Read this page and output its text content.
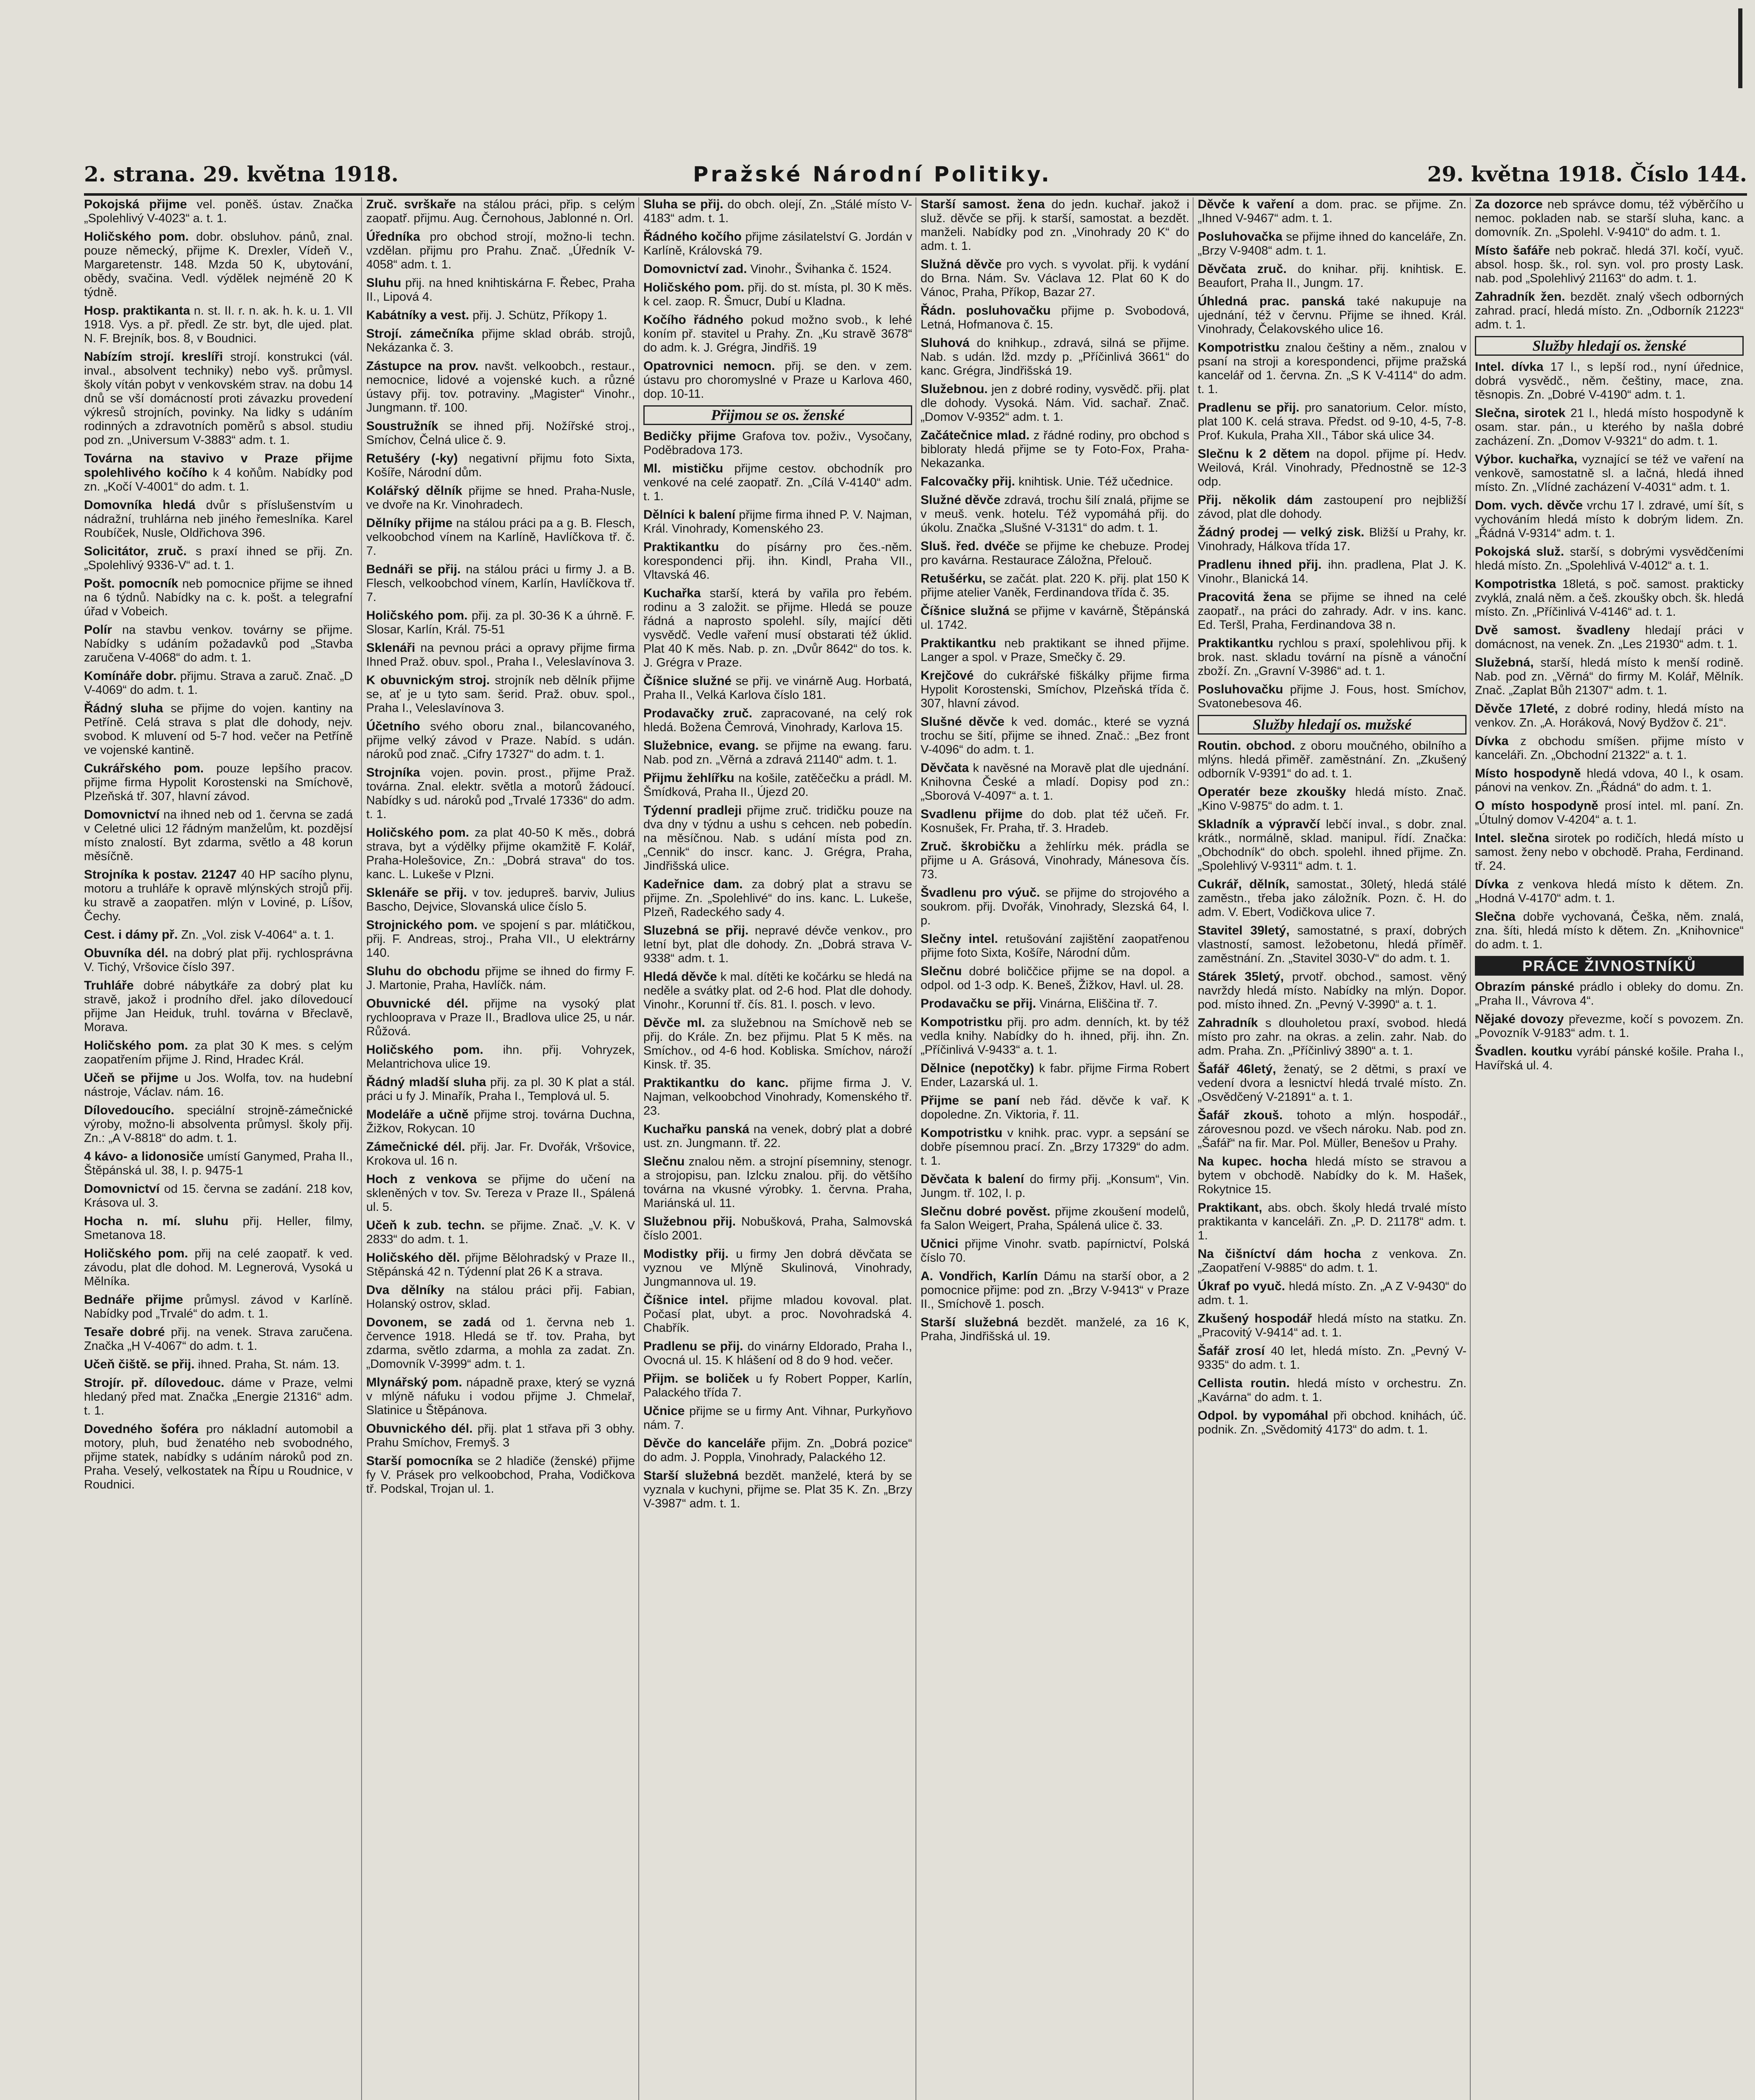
2. strana. 29. května 1918.	Pražské Národní Politiky.	29. května 1918. Číslo 144.

Pokojská přijme vel. poněš. ústav. Značka „Spolehlivý V-4023“ a. t. 1.

Holičského pom. dobr. obsluhov. pánů, znal. pouze německý, přijme K. Drexler, Vídeň V., Margaretenstr. 148. Mzda 50 K, ubytování, obědy, svačina. Vedl. výdělek nejméně 20 K týdně.

Hosp. praktikanta n. st. II. r. n. ak. h. k. u. 1. VII 1918. Vys. a př. předl. Ze str. byt, dle ujed. plat. N. F. Brejník, bos. 8, v Boudnici.

Nabízím strojí. kreslíři strojí. konstrukci (vál. inval., absolvent techniky) nebo vyš. průmysl. školy vítán pobyt v venkovském strav. na dobu 14 dnů se vší domácností proti závazku provedení výkresů strojních, povinky. Na lidky s udáním rodinných a zdravotních poměrů s absol. studiu pod zn. „Universum V-3883“ adm. t. 1.

Továrna na stavivo v Praze přijme spolehlivého kočího k 4 koňům. Nabídky pod zn. „Kočí V-4001“ do adm. t. 1.

Domovníka hledá dvůr s příslušenstvím u nádražní, truhlárna neb jiného řemeslníka. Karel Roubíček, Nusle, Oldřichova 396.

Solicitátor, zruč. s praxí ihned se přij. Zn. „Spolehlivý 9336-V“ ad. t. 1.

Pošt. pomocník neb pomocnice přijme se ihned na 6 týdnů. Nabídky na c. k. pošt. a telegrafní úřad v Vobeich.

Polír na stavbu venkov. továrny se přijme. Nabídky s udáním požadavků pod „Stavba zaručena V-4068“ do adm. t. 1.

Komínáře dobr. přijmu. Strava a zaruč. Znač. „D V-4069“ do adm. t. 1.

Řádný sluha se přijme do vojen. kantiny na Petříně. Celá strava s plat dle dohody, nejv. svobod. K mluvení od 5-7 hod. večer na Petříně ve vojenské kantině.

Cukrářského pom. pouze lepšího pracov. přijme firma Hypolit Korostenski na Smíchově, Plzeňská tř. 307, hlavní závod.

Domovnictví na ihned neb od 1. června se zadá v Celetné ulici 12 řádným manželům, kt. pozdějsí místo znalostí. Byt zdarma, světlo a 48 korun měsíčně.

Strojníka k postav. 21247 40 HP sacího plynu, motoru a truhláře k opravě mlýnských strojů přij. ku stravě a zaopatřen. mlýn v Loviné, p. Líšov, Čechy.

Cest. i dámy př. Zn. „Vol. zisk V-4064“ a. t. 1.

Obuvníka dél. na dobrý plat přij. rychlosprávna V. Tichý, Vršovice číslo 397.

Truhláře dobré nábytkáře za dobrý plat ku stravě, jakož i prodního dřel. jako dílovedoucí přijme Jan Heiduk, truhl. továrna v Břeclavě, Morava.

Holičského pom. za plat 30 K mes. s celým zaopatřením přijme J. Rind, Hradec Král.

Učeň se přijme u Jos. Wolfa, tov. na hudební nástroje, Václav. nám. 16.

Dílovedoucího. speciální strojně-zámečnické výroby, možno-li absolventa průmysl. školy přij. Zn.: „A V-8818“ do adm. t. 1.

4 kávo- a lidonosiče umístí Ganymed, Praha II., Štěpánská ul. 38, I. p. 9475-1

Domovnictví od 15. června se zadání. 218 kov, Krásova ul. 3.

Hocha n. mí. sluhu přij. Heller, filmy, Smetanova 18.

Holičského pom. přij na celé zaopatř. k ved. závodu, plat dle dohod. M. Legnerová, Vysoká u Mělníka.

Bednáře přijme průmysl. závod v Karlíně. Nabídky pod „Trvalé“ do adm. t. 1.

Tesaře dobré přij. na venek. Strava zaručena. Značka „H V-4067“ do adm. t. 1.

Učeň čiště. se přij. ihned. Praha, St. nám. 13.

Strojír. př. dílovedouc. dáme v Praze, velmi hledaný před mat. Značka „Energie 21316“ adm. t. 1.

Dovedného šoféra pro nákladní automobil a motory, pluh, bud ženatého neb svobodného, přijme statek, nabídky s udáním nároků pod zn. Praha. Veselý, velkostatek na Řípu u Roudnice, v Roudnici.

Zruč. svrškaře na stálou práci, přip. s celým zaopatř. přijmu. Aug. Černohous, Jablonné n. Orl.

Úředníka pro obchod strojí, možno-li techn. vzdělan. přijmu pro Prahu. Znač. „Úředník V-4058“ adm. t. 1.

Sluhu přij. na hned knihtiskárna F. Řebec, Praha II., Lipová 4.

Kabátníky a vest. přij. J. Schütz, Příkopy 1.

Strojí. zámečníka přijme sklad obráb. strojů, Nekázanka č. 3.

Zástupce na prov. navšt. velkoobch., restaur., nemocnice, lidové a vojenské kuch. a různé ústavy přij. tov. potraviny. „Magister“ Vinohr., Jungmann. tř. 100.

Soustružník se ihned přij. Nožířské stroj., Smíchov, Čelná ulice č. 9.

Retušéry (-ky) negativní přijmu foto Sixta, Košíře, Národní dům.

Kolářský dělník přijme se hned. Praha-Nusle, ve dvoře na Kr. Vinohradech.

Dělníky přijme na stálou práci pa a g. B. Flesch, velkoobchod vínem na Karlíně, Havlíčkova tř. č. 7.

Bednáři se přij. na stálou práci u firmy J. a B. Flesch, velkoobchod vínem, Karlín, Havlíčkova tř. 7.

Holičského pom. přij. za pl. 30-36 K a úhrně. F. Slosar, Karlín, Král. 75-51

Sklenáři na pevnou práci a opravy přijme firma Ihned Praž. obuv. spol., Praha I., Veleslavínova 3.

K obuvnickým stroj. strojník neb dělník přijme se, ať je u tyto sam. šerid. Praž. obuv. spol., Praha I., Veleslavínova 3.

Účetního svého oboru znal., bilancovaného, přijme velký závod v Praze. Nabíd. s udán. nároků pod znač. „Cifry 17327“ do adm. t. 1.

Strojníka vojen. povin. prost., přijme Praž. továrna. Znal. elektr. světla a motorů žádoucí. Nabídky s ud. nároků pod „Trvalé 17336“ do adm. t. 1.

Holičského pom. za plat 40-50 K měs., dobrá strava, byt a výdělky přijme okamžitě F. Kolář, Praha-Holešovice, Zn.: „Dobrá strava“ do tos. kanc. L. Lukeše v Plzni.

Sklenáře se přij. v tov. jedupreš. barviv, Julius Bascho, Dejvice, Slovanská ulice číslo 5.

Strojnického pom. ve spojení s par. mlátičkou, přij. F. Andreas, stroj., Praha VII., U elektrárny 140.

Sluhu do obchodu přijme se ihned do firmy F. J. Martonie, Praha, Havlíčk. nám.

Obuvnické dél. přijme na vysoký plat rychlooprava v Praze II., Bradlova ulice 25, u nár. Růžová.

Holičského pom. ihn. přij. Vohryzek, Melantrichova ulice 19.

Řádný mladší sluha přij. za pl. 30 K plat a stál. práci u fy J. Minařík, Praha I., Templová ul. 5.

Modeláře a učně přijme stroj. továrna Duchna, Žižkov, Rokycan. 10

Zámečnické dél. přij. Jar. Fr. Dvořák, Vršovice, Krokova ul. 16 n.

Hoch z venkova se přijme do učení na skleněných v tov. Sv. Tereza v Praze II., Spálená ul. 5.

Učeň k zub. techn. se přijme. Znač. „V. K. V 2833“ do adm. t. 1.

Holičského děl. přijme Bělohradský v Praze II., Stěpánská 42 n. Týdenní plat 26 K a strava.

Dva dělníky na stálou práci přij. Fabian, Holanský ostrov, sklad.

Dovonem, se zadá od 1. června neb 1. července 1918. Hledá se tř. tov. Praha, byt zdarma, světlo zdarma, a mohla za zadat. Zn. „Domovník V-3999“ adm. t. 1.

Mlynářský pom. nápadně praxe, který se vyzná v mlýně náfuku i vodou přijme J. Chmelař, Slatinice u Štěpánova.

Obuvnického dél. přij. plat 1 střava při 3 obhy. Prahu Smíchov, Fremyš. 3

Starší pomocníka se 2 hladiče (ženské) přijme fy V. Prásek pro velkoobchod, Praha, Vodičkova tř. Podskal, Trojan ul. 1.

Sluha se přij. do obch. olejí, Zn. „Stálé místo V-4183“ adm. t. 1.

Řádného kočího přijme zásilatelství G. Jordán v Karlíně, Královská 79.

Domovnictví zad. Vinohr., Švihanka č. 1524.

Holičského pom. přij. do st. místa, pl. 30 K měs. k cel. zaop. R. Šmucr, Dubí u Kladna.

Kočího řádného pokud možno svob., k lehé koním př. stavitel u Prahy. Zn. „Ku stravě 3678“ do adm. k. J. Grégra, Jindřiš. 19

Opatrovnici nemocn. přij. se den. v zem. ústavu pro choromyslné v Praze u Karlova 460, dop. 10-11.

Přijmou se os. ženské

Bedičky přijme Grafova tov. poživ., Vysočany, Poděbradova 173.

Ml. mističku přijme cestov. obchodník pro venkové na celé zaopatř. Zn. „Cílá V-4140“ adm. t. 1.

Dělníci k balení přijme firma ihned P. V. Najman, Král. Vinohrady, Komenského 23.

Praktikantku do písárny pro čes.-něm. korespondenci přij. ihn. Kindl, Praha VII., Vltavská 46.

Kuchařka starší, která by vařila pro řebém. rodinu a 3 založit. se přijme. Hledá se pouze řádná a naprosto spolehl. síly, mající děti vysvědč. Vedle vaření musí obstarati též úklid. Plat 40 K měs. Nab. p. zn. „Dvůr 8642“ do tos. k. J. Grégra v Praze.

Číšnice služné se přij. ve vinárně Aug. Horbatá, Praha II., Velká Karlova číslo 181.

Prodavačky zruč. zapracované, na celý rok hledá. Božena Čemrová, Vinohrady, Karlova 15.

Služebnice, evang. se přijme na ewang. faru. Nab. pod zn. „Věrná a zdravá 21140“ adm. t. 1.

Přijmu žehlířku na košile, zatěčečku a prádl. M. Šmídková, Praha II., Újezd 20.

Týdenní pradleji přijme zruč. tridičku pouze na dva dny v týdnu a ushu s cehcen. neb pobedín. na měsíčnou. Nab. s udání místa pod zn. „Cennik“ do inscr. kanc. J. Grégra, Praha, Jindřišská ulice.

Kadeřnice dam. za dobrý plat a stravu se přijme. Zn. „Spolehlivé“ do ins. kanc. L. Lukeše, Plzeň, Radeckého sady 4.

Sluzebná se přij. nepravé dévče venkov., pro letní byt, plat dle dohody. Zn. „Dobrá strava V-9338“ adm. t. 1.

Hledá děvče k mal. dítěti ke kočárku se hledá na neděle a svátky plat. od 2-6 hod. Plat dle dohody. Vinohr., Korunní tř. čís. 81. I. posch. v levo.

Děvče ml. za služebnou na Smíchově neb se přij. do Krále. Zn. bez přijmu. Plat 5 K měs. na Smíchov., od 4-6 hod. Kobliska. Smíchov, nároží Kinsk. tř. 35.

Praktikantku do kanc. přijme firma J. V. Najman, velkoobchod Vinohrady, Komenského tř. 23.

Kuchařku panská na venek, dobrý plat a dobré ust. zn. Jungmann. tř. 22.

Slečnu znalou něm. a strojní písemniny, stenogr. a strojopisu, pan. Izlcku znalou. přij. do většího továrna na vkusné výrobky. 1. června. Praha, Mariánská ul. 11.

Služebnou přij. Nobušková, Praha, Salmovská číslo 2001.

Modistky přij. u firmy Jen dobrá děvčata se vyznou ve Mlýně Skulinová, Vinohrady, Jungmannova ul. 19.

Číšnice intel. přijme mladou kovoval. plat. Počasí plat, ubyt. a proc. Novohradská 4. Chabřík.

Pradlenu se přij. do vinárny Eldorado, Praha I., Ovocná ul. 15. K hlášení od 8 do 9 hod. večer.

Přijm. se boliček u fy Robert Popper, Karlín, Palackého třída 7.

Učnice přijme se u firmy Ant. Vihnar, Purkyňovo nám. 7.

Děvče do kanceláře přijm. Zn. „Dobrá pozice“ do adm. J. Poppla, Vinohrady, Palackého 12.

Starší služebná bezdět. manželé, která by se vyznala v kuchyni, přijme se. Plat 35 K. Zn. „Brzy V-3987“ adm. t. 1.

Starší samost. žena do jedn. kuchař. jakož i služ. děvče se přij. k starší, samostat. a bezdět. manželi. Nabídky pod zn. „Vinohrady 20 K“ do adm. t. 1.

Služná děvče pro vych. s vyvolat. přij. k vydání do Brna. Nám. Sv. Václava 12. Plat 60 K do Vánoc, Praha, Příkop, Bazar 27.

Řádn. posluhovačku přijme p. Svobodová, Letná, Hofmanova č. 15.

Sluhová do knihkup., zdravá, silná se přijme. Nab. s udán. lžd. mzdy p. „Příčinlivá 3661“ do kanc. Grégra, Jindřišská 19.

Služebnou. jen z dobré rodiny, vysvědč. přij. plat dle dohody. Vysoká. Nám. Vid. sachař. Znač. „Domov V-9352“ adm. t. 1.

Začátečnice mlad. z řádné rodiny, pro obchod s bibloraty hledá přijme se ty Foto-Fox, Praha-Nekazanka.

Falcovačky přij. knihtisk. Unie. Též učednice.

Služné děvče zdravá, trochu šilí znalá, přijme se v meuš. venk. hotelu. Též vypomáhá přij. do úkolu. Značka „Slušné V-3131“ do adm. t. 1.

Sluš. řed. dvéče se přijme ke chebuze. Prodej pro kavárna. Restaurace Záložna, Přelouč.

Retušérku, se začát. plat. 220 K. přij. plat 150 K přijme atelier Vaněk, Ferdinandova třída č. 35.

Číšnice služná se přijme v kavárně, Štěpánská ul. 1742.

Praktikantku neb praktikant se ihned přijme. Langer a spol. v Praze, Smečky č. 29.

Krejčové do cukrářské fiškálky přijme firma Hypolit Korostenski, Smíchov, Plzeňská třída č. 307, hlavní závod.

Slušné děvče k ved. domác., které se vyzná trochu se šití, přijme se ihned. Znač.: „Bez front V-4096“ do adm. t. 1.

Děvčata k navěsné na Moravě plat dle ujednání. Knihovna České a mladí. Dopisy pod zn.: „Sborová V-4097“ a. t. 1.

Svadlenu přijme do dob. plat též učeň. Fr. Kosnušek, Fr. Praha, tř. 3. Hradeb.

Zruč. škrobičku a žehlírku mék. prádla se přijme u A. Grásová, Vinohrady, Mánesova čís. 73.

Švadlenu pro výuč. se přijme do strojového a soukrom. přij. Dvořák, Vinohrady, Slezská 64, I. p.

Slečny intel. retušování zajištění zaopatřenou přijme foto Sixta, Košíře, Národní dům.

Slečnu dobré boliččice přijme se na dopol. a odpol. od 1-3 odp. K. Beneš, Žižkov, Havl. ul. 28.

Prodavačku se přij. Vinárna, Eliščina tř. 7.

Kompotristku přij. pro adm. denních, kt. by též vedla knihy. Nabídky do h. ihned, přij. ihn. Zn. „Příčinlivá V-9433“ a. t. 1.

Dělnice (nepotčky) k fabr. přijme Firma Robert Ender, Lazarská ul. 1.

Přijme se paní neb řád. děvče k vař. K dopoledne. Zn. Viktoria, ř. 11.

Kompotristku v knihk. prac. vypr. a sepsání se dobře písemnou prací. Zn. „Brzy 17329“ do adm. t. 1.

Děvčata k balení do firmy přij. „Konsum“, Vin. Jungm. tř. 102, I. p.

Slečnu dobré pověst. přijme zkoušení modelů, fa Salon Weigert, Praha, Spálená ulice č. 33.

Učnici přijme Vinohr. svatb. papírnictví, Polská číslo 70.

A. Vondřich, Karlín Dámu na starší obor, a 2 pomocnice přijme: pod zn. „Brzy V-9413“ v Praze II., Smíchově 1. posch.

Starší služebná bezdět. manželé, za 16 K, Praha, Jindřišská ul. 19.

Děvče k vaření a dom. prac. se přijme. Zn. „Ihned V-9467“ adm. t. 1.

Posluhovačka se přijme ihned do kanceláře, Zn. „Brzy V-9408“ adm. t. 1.

Děvčata zruč. do knihar. přij. knihtisk. E. Beaufort, Praha II., Jungm. 17.

Úhledná prac. panská také nakupuje na ujednání, též v červnu. Přijme se ihned. Král. Vinohrady, Čelakovského ulice 16.

Kompotristku znalou češtiny a něm., znalou v psaní na stroji a korespondenci, přijme pražská kancelář od 1. června. Zn. „S K V-4114“ do adm. t. 1.

Pradlenu se přij. pro sanatorium. Celor. místo, plat 100 K. celá strava. Předst. od 9-10, 4-5, 7-8. Prof. Kukula, Praha XII., Tábor ská ulice 34.

Slečnu k 2 dětem na dopol. přijme pí. Hedv. Weilová, Král. Vinohrady, Přednostně se 12-3 odp.

Přij. několik dám zastoupení pro nejbližší závod, plat dle dohody.

Žádný prodej — velký zisk. Bližší u Prahy, kr. Vinohrady, Hálkova třída 17.

Pradlenu ihned přij. ihn. pradlena, Plat J. K. Vinohr., Blanická 14.

Pracovitá žena se přijme se ihned na celé zaopatř., na práci do zahrady. Adr. v ins. kanc. Ed. Teršl, Praha, Ferdinandova 38 n.

Praktikantku rychlou s praxí, spolehlivou přij. k brok. nast. skladu tovární na písně a vánoční zboží. Zn. „Gravní V-3986“ ad. t. 1.

Posluhovačku přijme J. Fous, host. Smíchov, Svatonebesova 46.

Služby hledají os. mužské

Routin. obchod. z oboru moučného, obilního a mlýns. hledá přiměř. zaměstnání. Zn. „Zkušený odborník V-9391“ do ad. t. 1.

Operatér beze zkoušky hledá místo. Znač. „Kino V-9875“ do adm. t. 1.

Skladník a výpravčí lebčí inval., s dobr. znal. krátk., normálně, sklad. manipul. řídí. Značka: „Obchodník“ do obch. spolehl. ihned přijme. Zn. „Spolehlivý V-9311“ adm. t. 1.

Cukrář, dělník, samostat., 30letý, hledá stálé zaměstn., třeba jako záložník. Pozn. č. H. do adm. V. Ebert, Vodičkova ulice 7.

Stavitel 39letý, samostatné, s praxí, dobrých vlastností, samost. ležobetonu, hledá příměř. zaměstnání. Zn. „Stavitel 3030-V“ do adm. t. 1.

Stárek 35letý, prvotř. obchod., samost. věný navrždy hledá místo. Nabídky na mlýn. Dopor. pod. místo ihned. Zn. „Pevný V-3990“ a. t. 1.

Zahradník s dlouholetou praxí, svobod. hledá místo pro zahr. na okras. a zelin. zahr. Nab. do adm. Praha. Zn. „Příčinlivý 3890“ a. t. 1.

Šafář 46letý, ženatý, se 2 dětmi, s praxí ve vedení dvora a lesnictví hledá trvalé místo. Zn. „Osvědčený V-21891“ a. t. 1.

Šafář zkouš. tohoto a mlýn. hospodář., zárovesnou pozd. ve všech nároku. Nab. pod zn. „Šafář“ na fir. Mar. Pol. Müller, Benešov u Prahy.

Na kupec. hocha hledá místo se stravou a bytem v obchodě. Nabídky do k. M. Hašek, Rokytnice 15.

Praktikant, abs. obch. školy hledá trvalé místo praktikanta v kanceláři. Zn. „P. D. 21178“ adm. t. 1.

Na čišníctví dám hocha z venkova. Zn. „Zaopatření V-9885“ do adm. t. 1.

Úkraf po vyuč. hledá místo. Zn. „A Z V-9430“ do adm. t. 1.

Zkušený hospodář hledá místo na statku. Zn. „Pracovitý V-9414“ ad. t. 1.

Šafář zrosí 40 let, hledá místo. Zn. „Pevný V-9335“ do adm. t. 1.

Cellista routin. hledá místo v orchestru. Zn. „Kavárna“ do adm. t. 1.

Odpol. by vypomáhal při obchod. knihách, úč. podnik. Zn. „Svědomitý 4173“ do adm. t. 1.

Za dozorce neb správce domu, též výběrčího u nemoc. pokladen nab. se starší sluha, kanc. a domovník. Zn. „Spolehl. V-9410“ do adm. t. 1.

Místo šafáře neb pokrač. hledá 37l. kočí, vyuč. absol. hosp. šk., rol. syn. vol. pro prosty Lask. nab. pod „Spolehlivý 21163“ do adm. t. 1.

Zahradník žen. bezdět. znalý všech odborných zahrad. prací, hledá místo. Zn. „Odborník 21223“ adm. t. 1.

Služby hledají os. ženské

Intel. dívka 17 l., s lepší rod., nyní úřednice, dobrá vysvědč., něm. češtiny, mace, zna. těsnopis. Zn. „Dobré V-4190“ adm. t. 1.

Slečna, sirotek 21 l., hledá místo hospodyně k osam. star. pán., u kterého by našla dobré zacházení. Zn. „Domov V-9321“ do adm. t. 1.

Výbor. kuchařka, vyznající se též ve vaření na venkově, samostatně sl. a lačná, hledá ihned místo. Zn. „Vlídné zacházení V-4031“ adm. t. 1.

Dom. vych. děvče vrchu 17 l. zdravé, umí šít, s vychováním hledá místo k dobrým lidem. Zn. „Řádná V-9314“ adm. t. 1.

Pokojská služ. starší, s dobrými vysvědčeními hledá místo. Zn. „Spolehlivá V-4012“ a. t. 1.

Kompotristka 18letá, s poč. samost. prakticky zvyklá, znalá něm. a češ. zkoušky obch. šk. hledá místo. Zn. „Příčinlivá V-4146“ ad. t. 1.

Dvě samost. švadleny hledají práci v domácnost, na venek. Zn. „Les 21930“ adm. t. 1.

Služebná, starší, hledá místo k menší rodině. Nab. pod zn. „Věrná“ do firmy M. Kolář, Mělník. Znač. „Zaplat Bůh 21307“ adm. t. 1.

Děvče 17leté, z dobré rodiny, hledá místo na venkov. Zn. „A. Horáková, Nový Bydžov č. 21“.

Dívka z obchodu smíšen. přijme místo v kanceláři. Zn. „Obchodní 21322“ a. t. 1.

Místo hospodyně hledá vdova, 40 l., k osam. pánovi na venkov. Zn. „Řádná“ do adm. t. 1.

O místo hospodyně prosí intel. ml. paní. Zn. „Útulný domov V-4204“ a. t. 1.

Intel. slečna sirotek po rodičích, hledá místo u samost. ženy nebo v obchodě. Praha, Ferdinand. tř. 24.

Dívka z venkova hledá místo k dětem. Zn. „Hodná V-4170“ adm. t. 1.

Slečna dobře vychovaná, Češka, něm. znalá, zna. šíti, hledá místo k dětem. Zn. „Knihovnice“ do adm. t. 1.

PRÁCE ŽIVNOSTNÍKŮ

Obrazím pánské prádlo i obleky do domu. Zn. „Praha II., Vávrova 4“.

Nějaké dovozy převezme, kočí s povozem. Zn. „Povozník V-9183“ adm. t. 1.

Švadlen. koutku vyrábí pánské košile. Praha I., Havířská ul. 4.
